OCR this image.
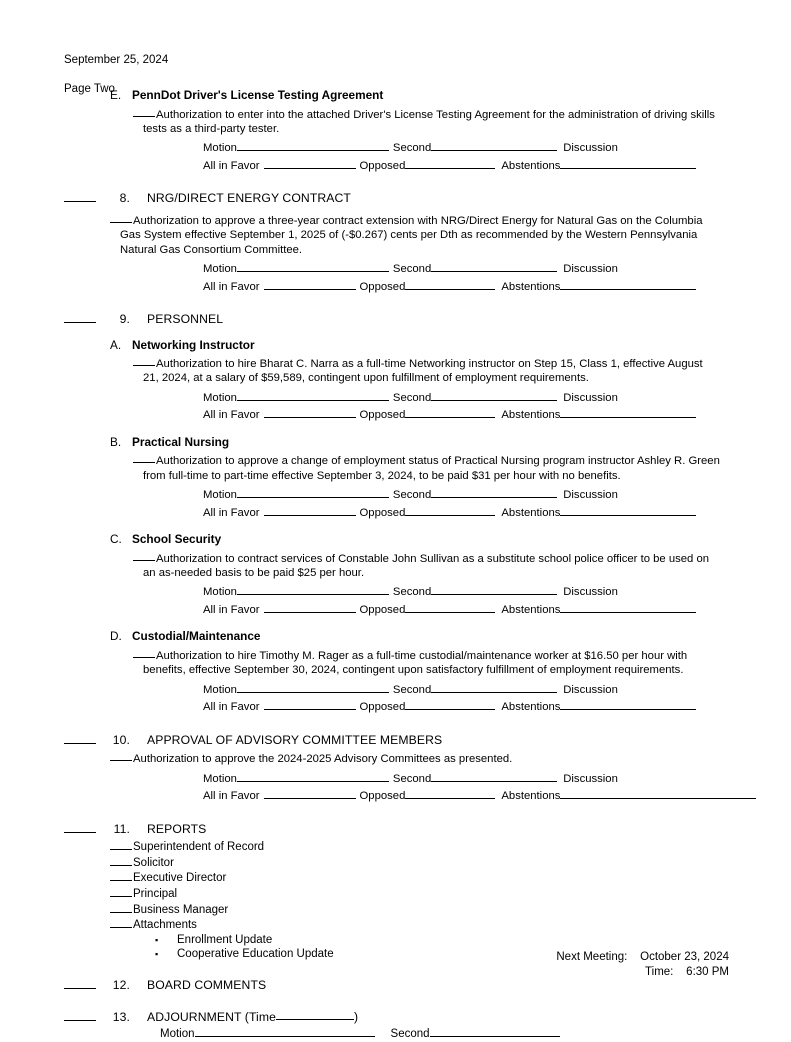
September 25, 2024

Page Two

E. PennDot Driver's License Testing Agreement
Authorization to enter into the attached Driver's License Testing Agreement for the administration of driving skills tests as a third-party tester.
Motion	Second	Discussion
All in Favor	Opposed	Abstentions
8. NRG/DIRECT ENERGY CONTRACT
Authorization to approve a three-year contract extension with NRG/Direct Energy for Natural Gas on the Columbia Gas System effective September 1, 2025 of (-$0.267) cents per Dth as recommended by the Western Pennsylvania Natural Gas Consortium Committee.
Motion	Second	Discussion
All in Favor	Opposed	Abstentions
9. PERSONNEL
A. Networking Instructor
Authorization to hire Bharat C. Narra as a full-time Networking instructor on Step 15, Class 1, effective August 21, 2024, at a salary of $59,589, contingent upon fulfillment of employment requirements.
Motion	Second	Discussion
All in Favor	Opposed	Abstentions
B. Practical Nursing
Authorization to approve a change of employment status of Practical Nursing program instructor Ashley R. Green from full-time to part-time effective September 3, 2024, to be paid $31 per hour with no benefits.
Motion	Second	Discussion
All in Favor	Opposed	Abstentions
C. School Security
Authorization to contract services of Constable John Sullivan as a substitute school police officer to be used on an as-needed basis to be paid $25 per hour.
Motion	Second	Discussion
All in Favor	Opposed	Abstentions
D. Custodial/Maintenance
Authorization to hire Timothy M. Rager as a full-time custodial/maintenance worker at $16.50 per hour with benefits, effective September 30, 2024, contingent upon satisfactory fulfillment of employment requirements.
Motion	Second	Discussion
All in Favor	Opposed	Abstentions
10. APPROVAL OF ADVISORY COMMITTEE MEMBERS
Authorization to approve the 2024-2025 Advisory Committees as presented.
Motion	Second	Discussion
All in Favor	Opposed	Abstentions
11. REPORTS
Superintendent of Record
Solicitor
Executive Director
Principal
Business Manager
Attachments
▪	Enrollment Update
▪	Cooperative Education Update
12. BOARD COMMENTS
13. ADJOURNMENT (Time	)
Motion	Second
Next Meeting: October 23, 2024
Time: 6:30 PM
